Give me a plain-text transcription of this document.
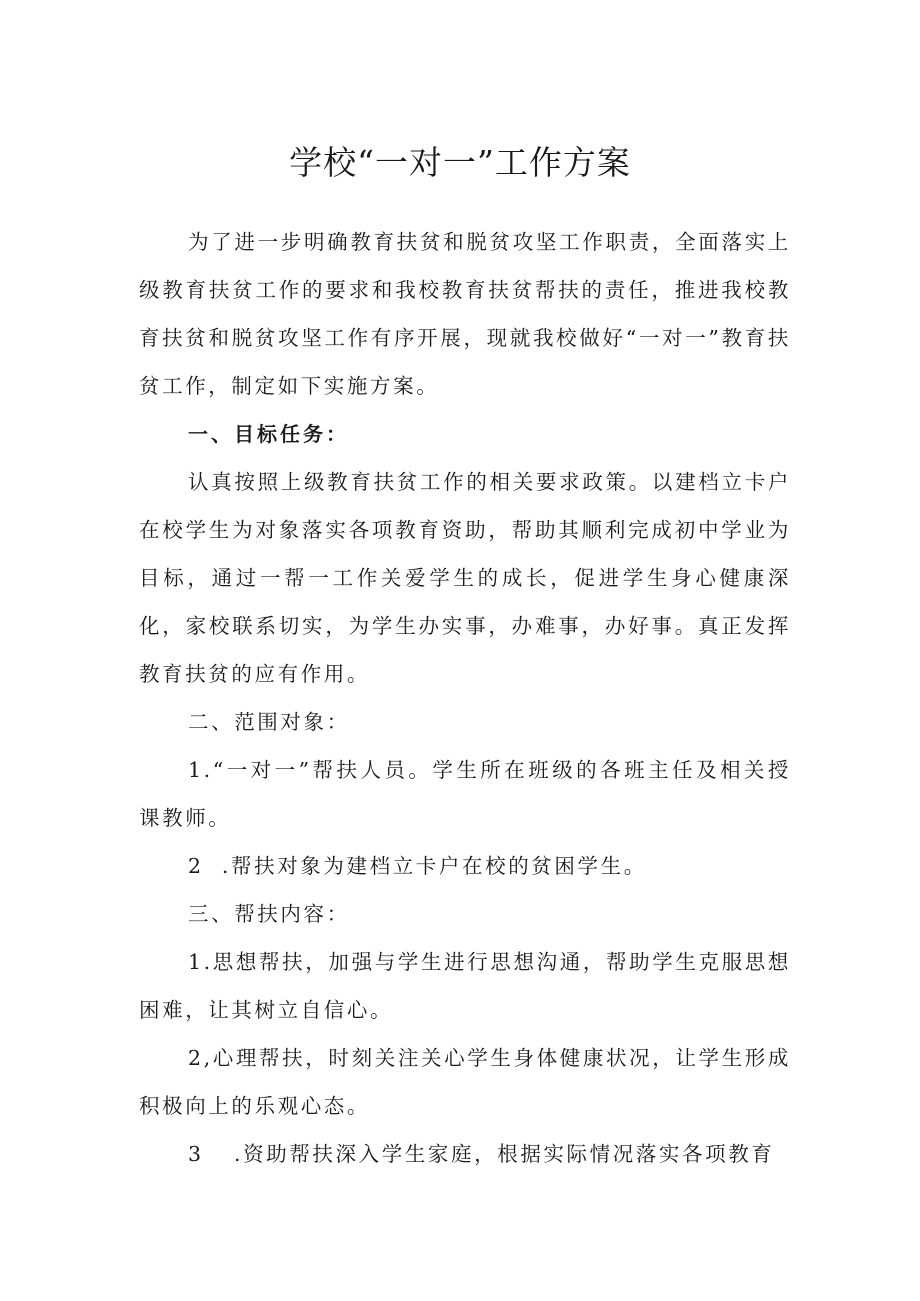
学校“一对一”工作方案

为了进一步明确教育扶贫和脱贫攻坚工作职责，全面落实上级教育扶贫工作的要求和我校教育扶贫帮扶的责任，推进我校教育扶贫和脱贫攻坚工作有序开展，现就我校做好“一对一”教育扶贫工作，制定如下实施方案。

一、目标任务：

认真按照上级教育扶贫工作的相关要求政策。以建档立卡户在校学生为对象落实各项教育资助，帮助其顺利完成初中学业为目标，通过一帮一工作关爱学生的成长，促进学生身心健康深化，家校联系切实，为学生办实事，办难事，办好事。真正发挥教育扶贫的应有作用。

二、范围对象：

1.“一对一”帮扶人员。学生所在班级的各班主任及相关授课教师。

2  .帮扶对象为建档立卡户在校的贫困学生。

三、帮扶内容：

1.思想帮扶，加强与学生进行思想沟通，帮助学生克服思想困难，让其树立自信心。

2,心理帮扶，时刻关注关心学生身体健康状况，让学生形成积极向上的乐观心态。

3 .资助帮扶深入学生家庭，根据实际情况落实各项教育
